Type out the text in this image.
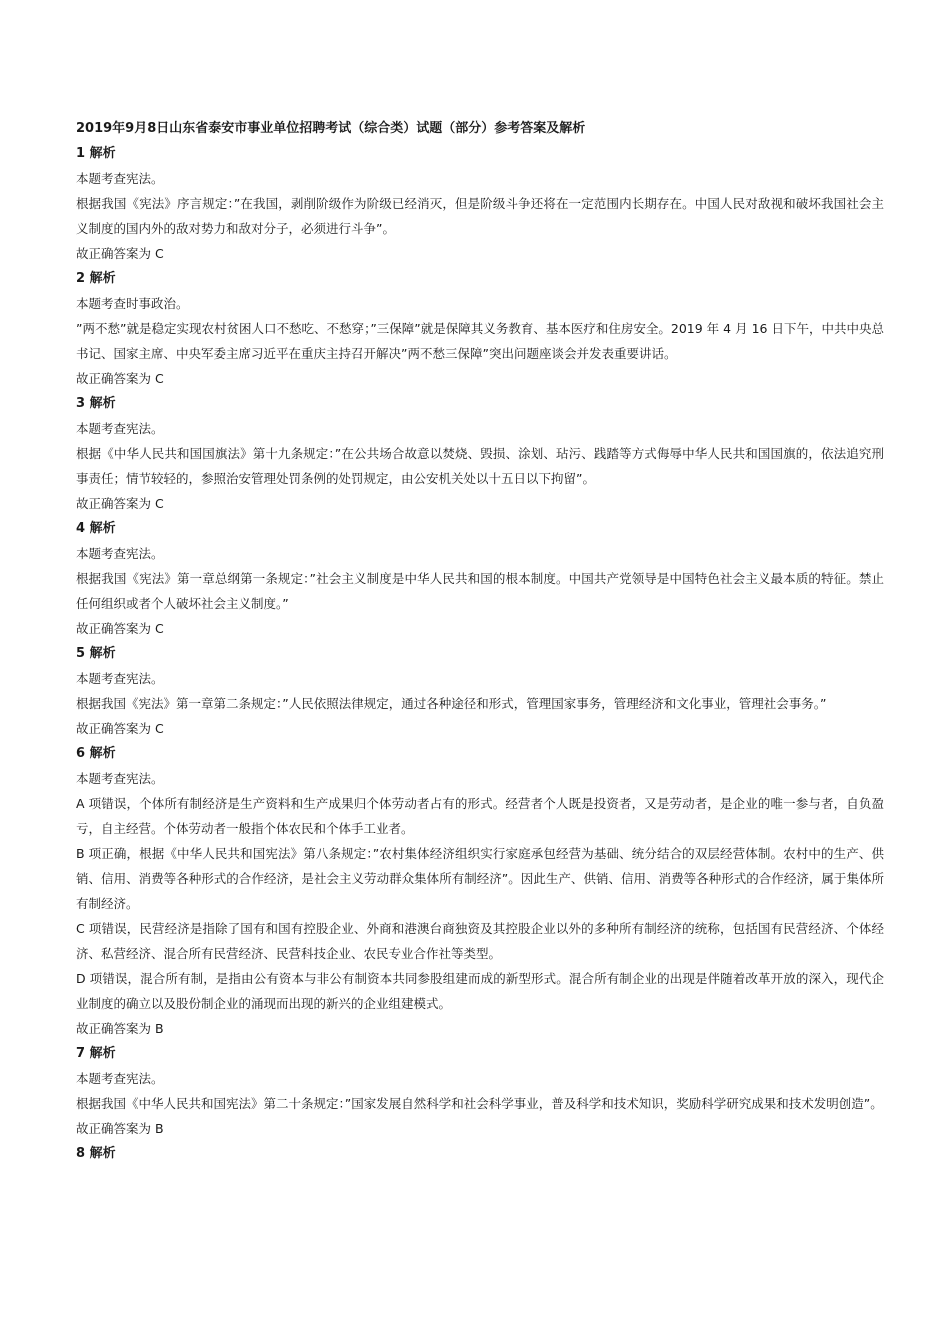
2019年9月8日山东省泰安市事业单位招聘考试（综合类）试题（部分）参考答案及解析

1 解析

本题考查宪法。

根据我国《宪法》序言规定：”在我国，剥削阶级作为阶级已经消灭，但是阶级斗争还将在一定范围内长期存在。中国人民对敌视和破坏我国社会主义制度的国内外的敌对势力和敌对分子，必须进行斗争”。

故正确答案为 C

2 解析

本题考查时事政治。

”两不愁”就是稳定实现农村贫困人口不愁吃、不愁穿；”三保障”就是保障其义务教育、基本医疗和住房安全。2019 年 4 月 16 日下午，中共中央总书记、国家主席、中央军委主席习近平在重庆主持召开解决”两不愁三保障”突出问题座谈会并发表重要讲话。

故正确答案为 C

3 解析

本题考查宪法。

根据《中华人民共和国国旗法》第十九条规定：”在公共场合故意以焚烧、毁损、涂划、玷污、践踏等方式侮辱中华人民共和国国旗的，依法追究刑事责任；情节较轻的，参照治安管理处罚条例的处罚规定，由公安机关处以十五日以下拘留”。

故正确答案为 C

4 解析

本题考查宪法。

根据我国《宪法》第一章总纲第一条规定：”社会主义制度是中华人民共和国的根本制度。中国共产党领导是中国特色社会主义最本质的特征。禁止任何组织或者个人破坏社会主义制度。”

故正确答案为 C

5 解析

本题考查宪法。

根据我国《宪法》第一章第二条规定：”人民依照法律规定，通过各种途径和形式，管理国家事务，管理经济和文化事业，管理社会事务。”

故正确答案为 C

6 解析

本题考查宪法。

A 项错误，个体所有制经济是生产资料和生产成果归个体劳动者占有的形式。经营者个人既是投资者，又是劳动者，是企业的唯一参与者，自负盈亏，自主经营。个体劳动者一般指个体农民和个体手工业者。

B 项正确，根据《中华人民共和国宪法》第八条规定：”农村集体经济组织实行家庭承包经营为基础、统分结合的双层经营体制。农村中的生产、供销、信用、消费等各种形式的合作经济，是社会主义劳动群众集体所有制经济”。因此生产、供销、信用、消费等各种形式的合作经济，属于集体所有制经济。

C 项错误，民营经济是指除了国有和国有控股企业、外商和港澳台商独资及其控股企业以外的多种所有制经济的统称，包括国有民营经济、个体经济、私营经济、混合所有民营经济、民营科技企业、农民专业合作社等类型。

D 项错误，混合所有制，是指由公有资本与非公有制资本共同参股组建而成的新型形式。混合所有制企业的出现是伴随着改革开放的深入，现代企业制度的确立以及股份制企业的涌现而出现的新兴的企业组建模式。

故正确答案为 B

7 解析

本题考查宪法。

根据我国《中华人民共和国宪法》第二十条规定：”国家发展自然科学和社会科学事业，普及科学和技术知识，奖励科学研究成果和技术发明创造”。

故正确答案为 B

8 解析
